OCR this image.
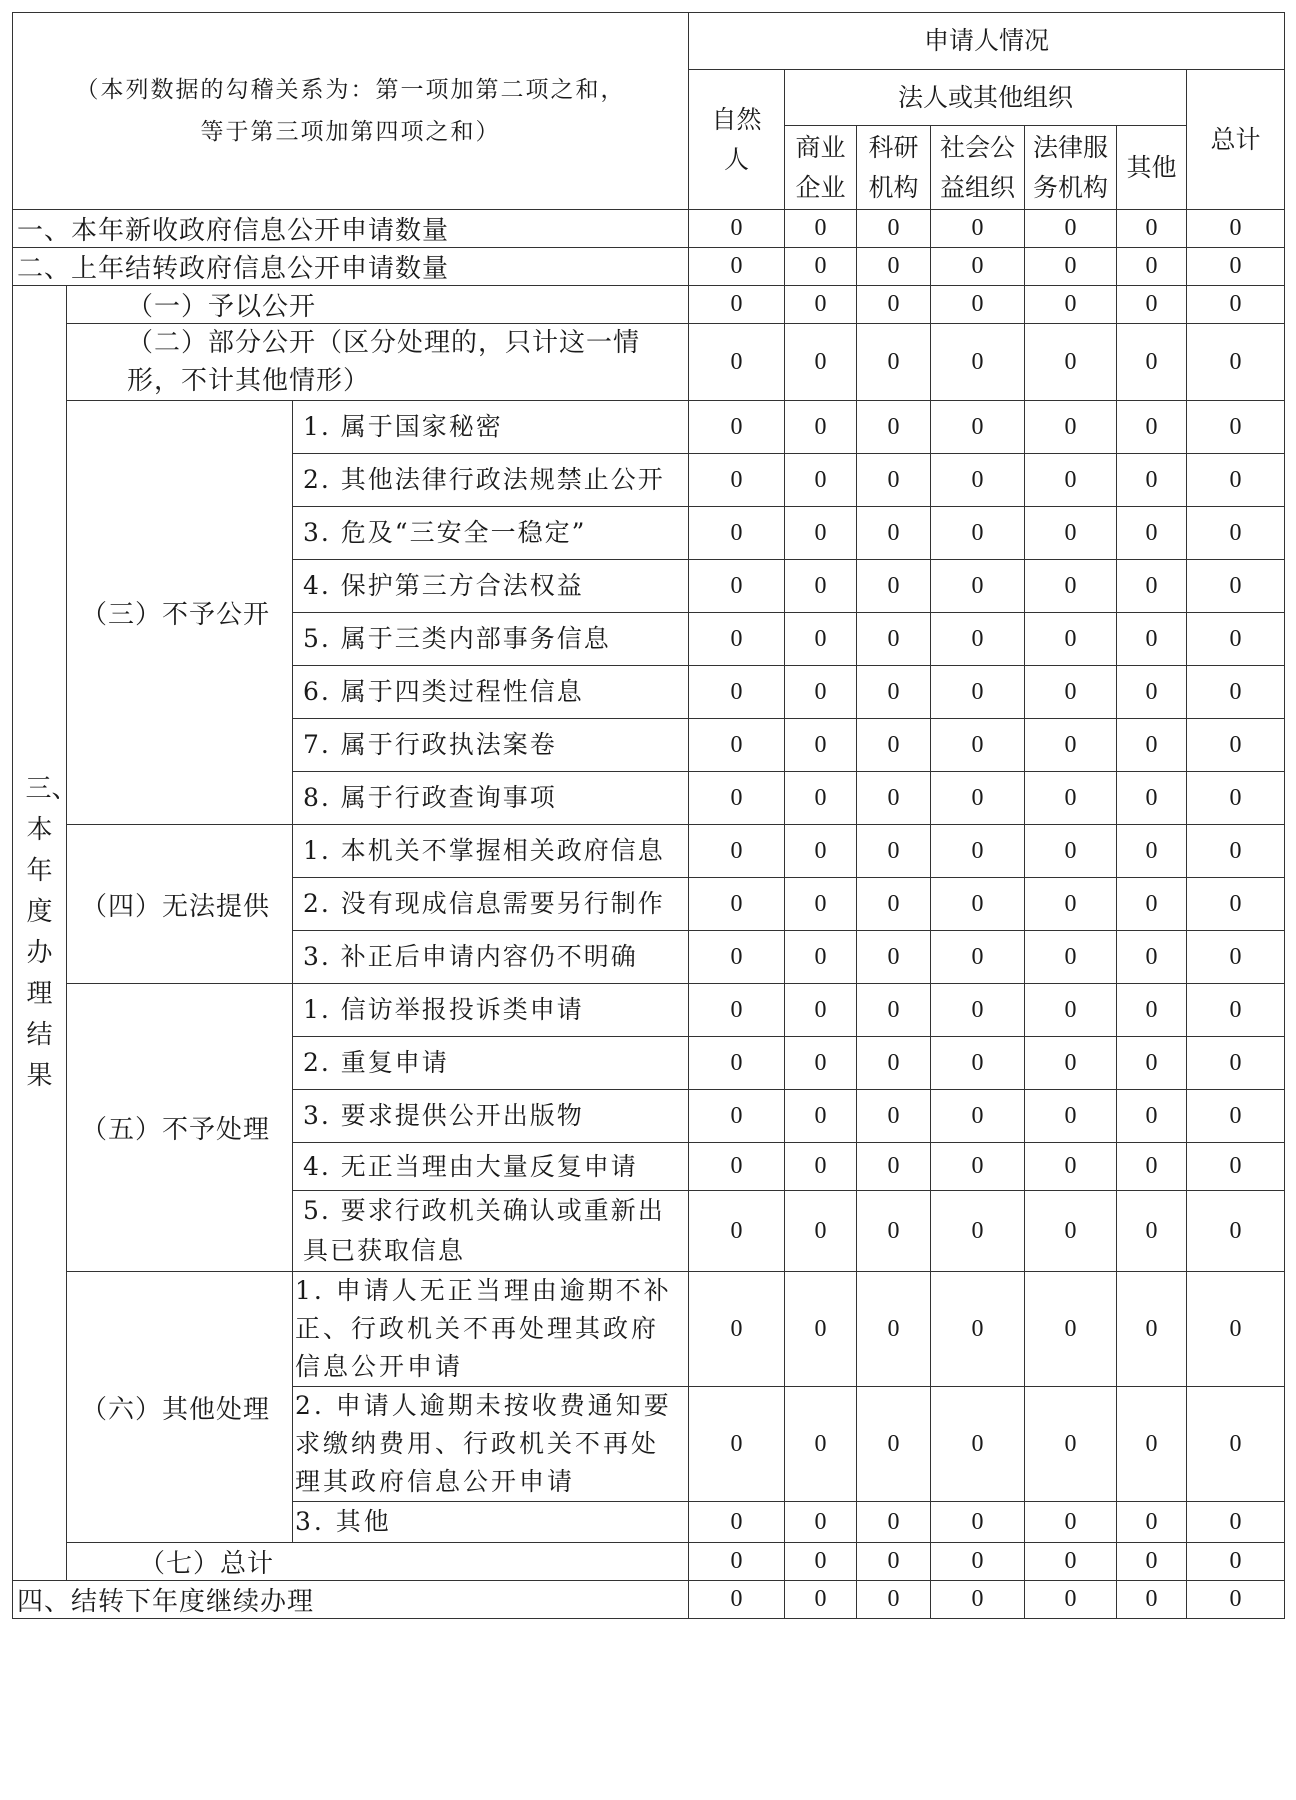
（本列数据的勾稽关系为：第一项加第二项之和，
等于第三项加第四项之和）			申请人情况						

			自然人	法人或其他组织					总计

				商业企业	科研机构	社会公益组织	法律服务机构	其他	
一、本年新收政府信息公开申请数量			0	0	0	0	0	0	0
二、上年结转政府信息公开申请数量			0	0	0	0	0	0	0

三、本年度办理结果	（一）予以公开		0	0	0	0	0	0	0
	（二）部分公开（区分处理的，只计这一情形，不计其他情形）		0	0	0	0	0	0	0
	（三）不予公开	1. 属于国家秘密	0	0	0	0	0	0	0
		2. 其他法律行政法规禁止公开	0	0	0	0	0	0	0
		3. 危及“三安全一稳定”	0	0	0	0	0	0	0
		4. 保护第三方合法权益	0	0	0	0	0	0	0
		5. 属于三类内部事务信息	0	0	0	0	0	0	0
		6. 属于四类过程性信息	0	0	0	0	0	0	0
		7. 属于行政执法案卷	0	0	0	0	0	0	0
		8. 属于行政查询事项	0	0	0	0	0	0	0
	（四）无法提供	1. 本机关不掌握相关政府信息	0	0	0	0	0	0	0
		2. 没有现成信息需要另行制作	0	0	0	0	0	0	0
		3. 补正后申请内容仍不明确	0	0	0	0	0	0	0
	（五）不予处理	1. 信访举报投诉类申请	0	0	0	0	0	0	0
		2. 重复申请	0	0	0	0	0	0	0
		3. 要求提供公开出版物	0	0	0	0	0	0	0
		4. 无正当理由大量反复申请	0	0	0	0	0	0	0
		5. 要求行政机关确认或重新出具已获取信息	0	0	0	0	0	0	0
	（六）其他处理	1. 申请人无正当理由逾期不补正、行政机关不再处理其政府信息公开申请	0	0	0	0	0	0	0
		2. 申请人逾期未按收费通知要求缴纳费用、行政机关不再处理其政府信息公开申请	0	0	0	0	0	0	0
		3. 其他	0	0	0	0	0	0	0
	（七）总计		0	0	0	0	0	0	0
四、结转下年度继续办理			0	0	0	0	0	0	0
